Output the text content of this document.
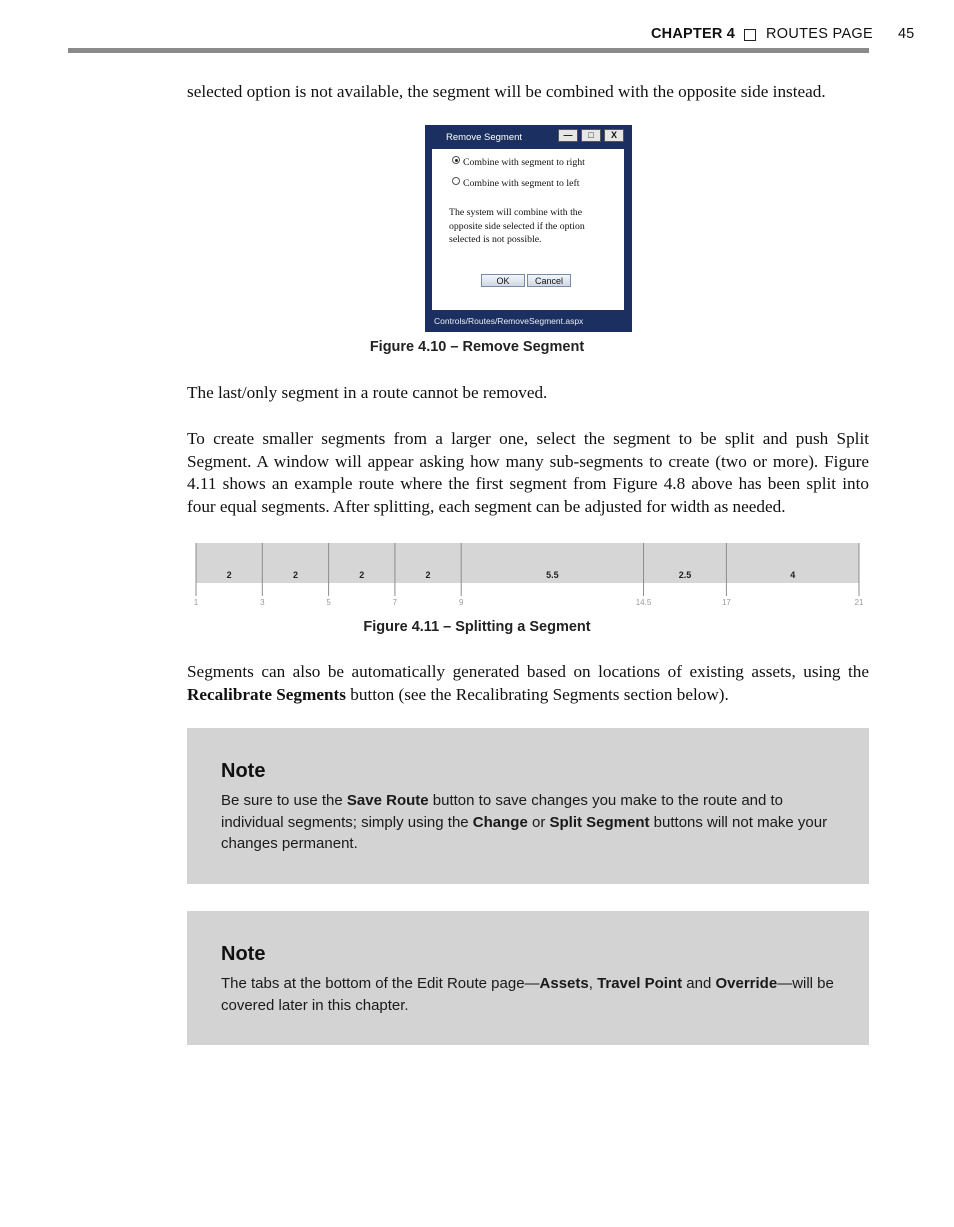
CHAPTER 4 ROUTES PAGE 45

selected option is not available, the segment will be combined with the opposite side instead.

Remove Segment	—	□	X
Combine with segment to right
Combine with segment to left

The system will combine with the opposite side selected if the option selected is not possible.

OK	Cancel
Controls/Routes/RemoveSegment.aspx
Figure 4.10 – Remove Segment

The last/only segment in a route cannot be removed.

To create smaller segments from a larger one, select the segment to be split and push Split Segment. A window will appear asking how many sub-segments to create (two or more). Figure 4.11 shows an example route where the first segment from Figure 4.8 above has been split into four equal segments. After splitting, each segment can be adjusted for width as needed.

1	3	5	7	9	14.5	17	21
2	2	2	2	5.5	2.5	4
Figure 4.11 – Splitting a Segment

Segments can also be automatically generated based on locations of existing assets, using the Recalibrate Segments button (see the Recalibrating Segments section below).

Note

Be sure to use the Save Route button to save changes you make to the route and to individual segments; simply using the Change or Split Segment buttons will not make your changes permanent.

Note

The tabs at the bottom of the Edit Route page—Assets, Travel Point and Override—will be covered later in this chapter.
